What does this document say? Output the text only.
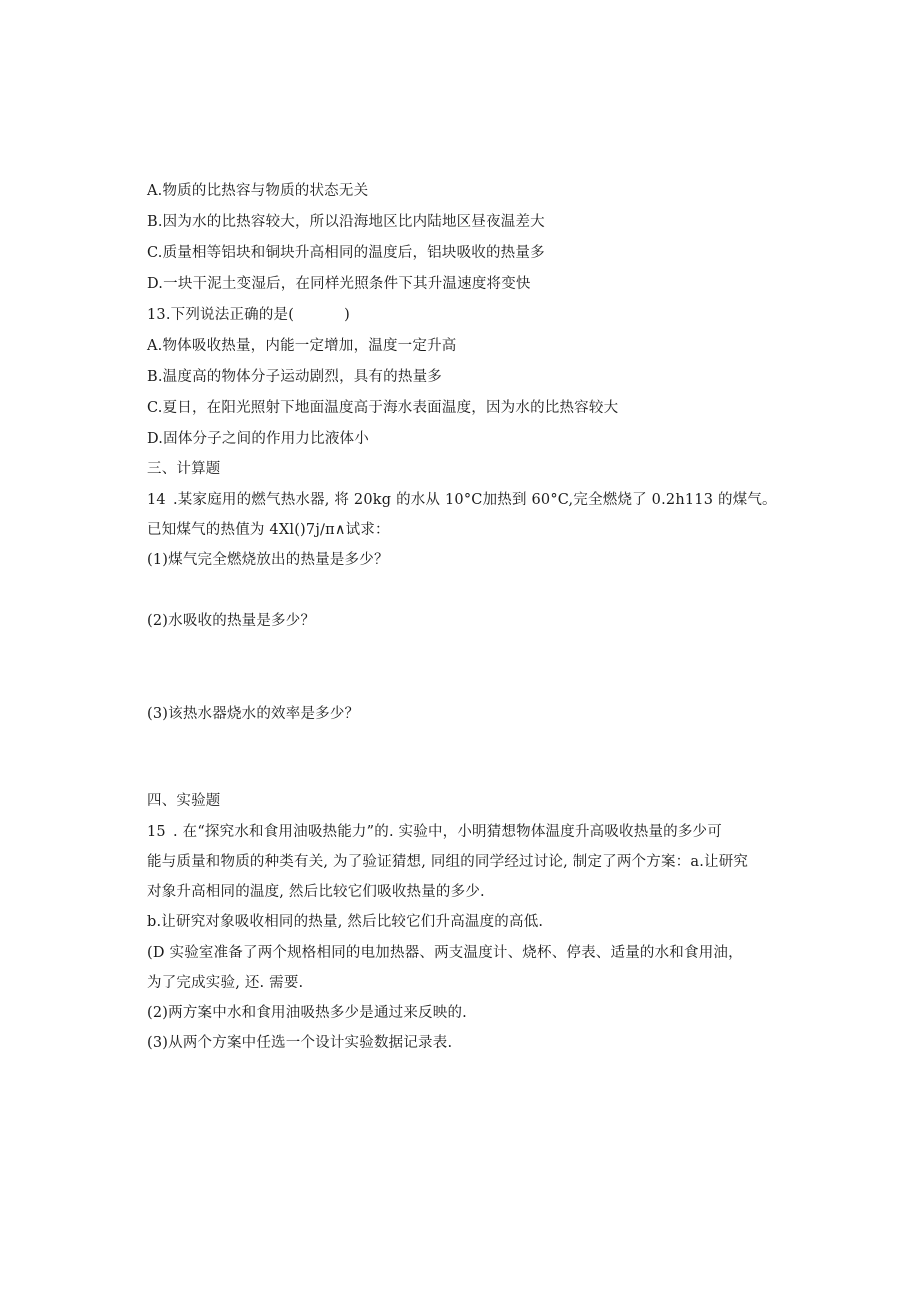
A.物质的比热容与物质的状态无关
B.因为水的比热容较大，所以沿海地区比内陆地区昼夜温差大
C.质量相等铝块和铜块升高相同的温度后，铝块吸收的热量多
D.一块干泥土变湿后，在同样光照条件下其升温速度将变快
13.下列说法正确的是(	)
A.物体吸收热量，内能一定增加，温度一定升高
B.温度高的物体分子运动剧烈，具有的热量多
C.夏日，在阳光照射下地面温度高于海水表面温度，因为水的比热容较大
D.固体分子之间的作用力比液体小
三、计算题
14 .某家庭用的燃气热水器, 将 20kg 的水从 10°C加热到 60°C,完全燃烧了 0.2h113 的煤气。
已知煤气的热值为 4Xl()7j∕π∧试求：
(1)煤气完全燃烧放出的热量是多少？
(2)水吸收的热量是多少？
(3)该热水器烧水的效率是多少？
四、实验题
15 . 在“探究水和食用油吸热能力”的. 实验中，小明猜想物体温度升高吸收热量的多少可
能与质量和物质的种类有关, 为了验证猜想, 同组的同学经过讨论, 制定了两个方案：a.让研究
对象升高相同的温度, 然后比较它们吸收热量的多少.
b.让研究对象吸收相同的热量, 然后比较它们升高温度的高低.
(D 实验室准备了两个规格相同的电加热器、两支温度计、烧杯、停表、适量的水和食用油，
为了完成实验, 还. 需要.
(2)两方案中水和食用油吸热多少是通过来反映的.
(3)从两个方案中任选一个设计实验数据记录表.
